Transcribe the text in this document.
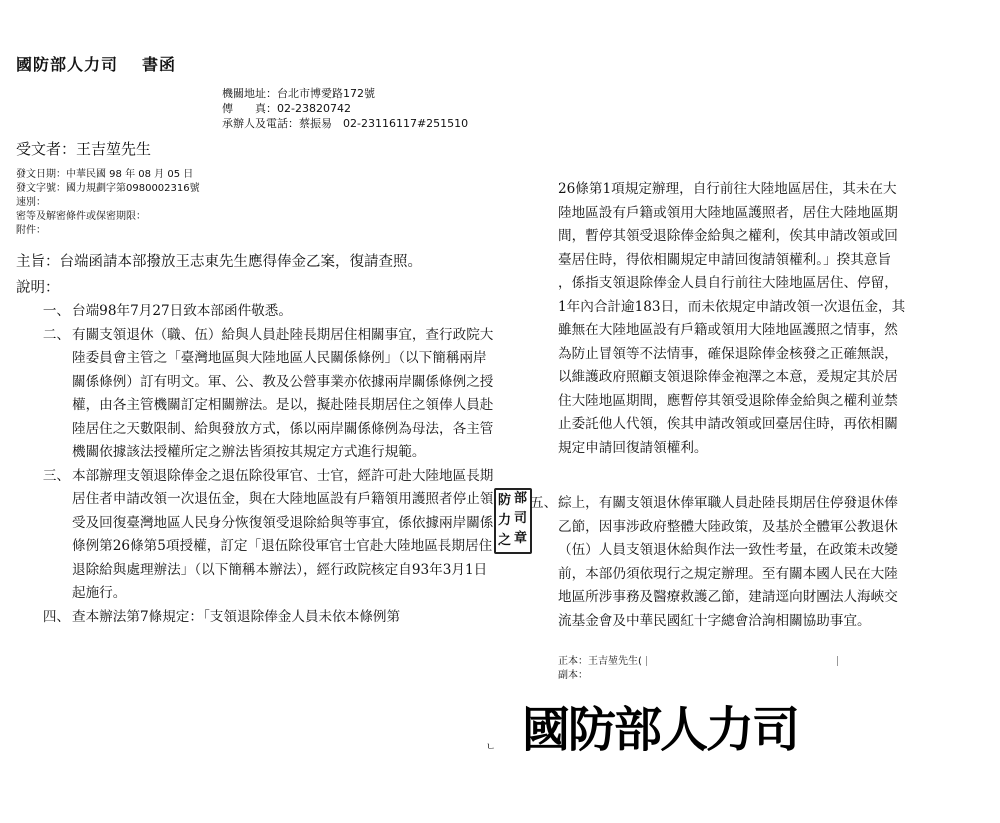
國防部人力司 書函
機關地址：台北市博愛路172號
傳　　真：02-23820742
承辦人及電話：蔡振易　02-23116117#251510
受文者：王吉堃先生
發文日期：中華民國 98 年 08 月 05 日
發文字號：國力規劃字第0980002316號
速別：
密等及解密條件或保密期限：
附件：
主旨：台端函請本部撥放王志東先生應得俸金乙案，復請查照。
說明：
一、 台端98年7月27日致本部函件敬悉。
二、 有關支領退休（職、伍）給與人員赴陸長期居住相關事宜，查行政院大陸委員會主管之「臺灣地區與大陸地區人民關係條例」（以下簡稱兩岸關係條例）訂有明文。軍、公、教及公營事業亦依據兩岸關係條例之授權，由各主管機關訂定相關辦法。是以，擬赴陸長期居住之領俸人員赴陸居住之天數限制、給與發放方式，係以兩岸關係條例為母法，各主管機關依據該法授權所定之辦法皆須按其規定方式進行規範。
三、 本部辦理支領退除俸金之退伍除役軍官、士官，經許可赴大陸地區長期居住者申請改領一次退伍金，與在大陸地區設有戶籍領用護照者停止領受及回復臺灣地區人民身分恢復領受退除給與等事宜，係依據兩岸關係條例第26條第5項授權，訂定「退伍除役軍官士官赴大陸地區長期居住退除給與處理辦法」（以下簡稱本辦法），經行政院核定自93年3月1日起施行。
四、 查本辦法第7條規定：「支領退除俸金人員未依本條例第
ㄴ
26條第1項規定辦理，自行前往大陸地區居住，其未在大
陸地區設有戶籍或領用大陸地區護照者，居住大陸地區期
間，暫停其領受退除俸金給與之權利，俟其申請改領或回
臺居住時，得依相關規定申請回復請領權利。」揆其意旨
，係指支領退除俸金人員自行前往大陸地區居住、停留，
1年內合計逾183日，而未依規定申請改領一次退伍金，其
雖無在大陸地區設有戶籍或領用大陸地區護照之情事，然
為防止冒領等不法情事，確保退除俸金核發之正確無誤，
以維護政府照顧支領退除俸金袍澤之本意，爰規定其於居
住大陸地區期間，應暫停其領受退除俸金給與之權利並禁
止委託他人代領，俟其申請改領或回臺居住時，再依相關
規定申請回復請領權利。
部
司
章
防
力
之
五、 綜上，有關支領退休俸軍職人員赴陸長期居住停發退休俸
乙節，因事涉政府整體大陸政策，及基於全體軍公教退休
（伍）人員支領退休給與作法一致性考量，在政策未改變
前，本部仍須依現行之規定辦理。至有關本國人民在大陸
地區所涉事務及醫療救護乙節，建請逕向財團法人海峽交
流基金會及中華民國紅十字總會洽詢相關協助事宜。
正本：王吉堃先生(
副本：
國防部人力司
